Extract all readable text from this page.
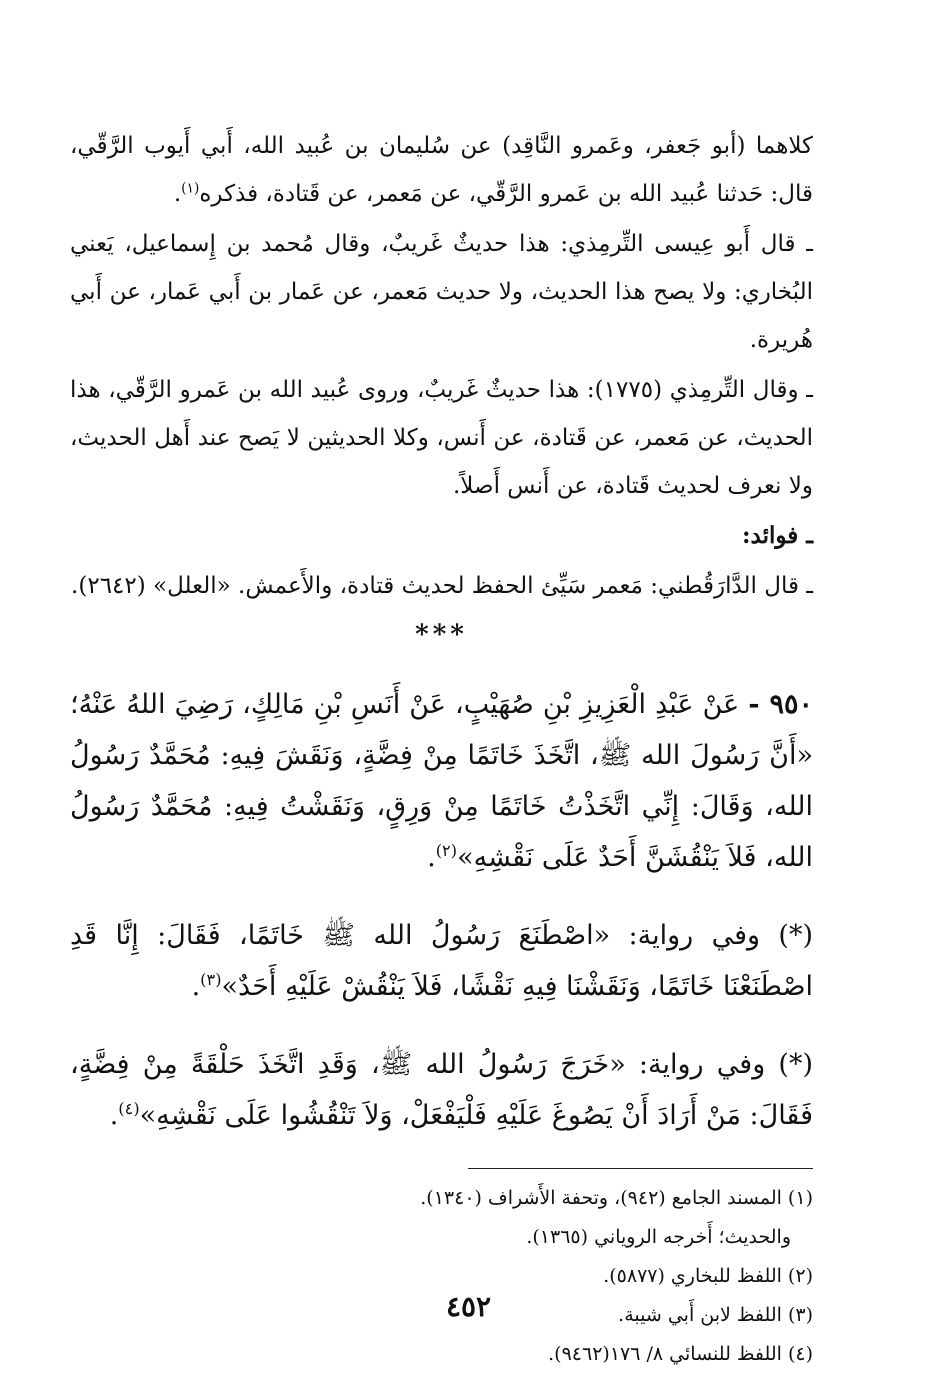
كلاهما (أبو جَعفر، وعَمرو النَّاقِد) عن سُليمان بن عُبيد الله، أَبي أَيوب الرَّقّي، قال: حَدثنا عُبيد الله بن عَمرو الرَّقّي، عن مَعمر، عن قَتادة، فذكره$^{(١)}$.

ـ قال أَبو عِيسى التِّرمِذي: هذا حديثٌ غَريبٌ، وقال مُحمد بن إِسماعيل، يَعني البُخاري: ولا يصح هذا الحديث، ولا حديث مَعمر، عن عَمار بن أَبي عَمار، عن أَبي هُريرة.

ـ وقال التِّرمِذي (١٧٧٥): هذا حديثٌ غَريبٌ، وروى عُبيد الله بن عَمرو الرَّقّي، هذا الحديث، عن مَعمر، عن قَتادة، عن أَنس، وكلا الحديثين لا يَصح عند أَهل الحديث، ولا نعرف لحديث قَتادة، عن أَنس أَصلاً.

ـ فوائد:

ـ قال الدَّارَقُطني: مَعمر سَيِّئ الحفظ لحديث قتادة، والأَعمش. «العلل» (٢٦٤٢).

***

٩٥٠ - عَنْ عَبْدِ الْعَزِيزِ بْنِ صُهَيْبٍ، عَنْ أَنَسِ بْنِ مَالِكٍ، رَضِيَ اللهُ عَنْهُ؛ «أَنَّ رَسُولَ الله ﷺ، اتَّخَذَ خَاتَمًا مِنْ فِضَّةٍ، وَنَقَشَ فِيهِ: مُحَمَّدٌ رَسُولُ الله، وَقَالَ: إِنِّي اتَّخَذْتُ خَاتَمًا مِنْ وَرِقٍ، وَنَقَشْتُ فِيهِ: مُحَمَّدٌ رَسُولُ الله، فَلاَ يَنْقُشَنَّ أَحَدٌ عَلَى نَقْشِهِ»$^{(٢)}$.

(*) وفي رواية: «اصْطَنَعَ رَسُولُ الله ﷺ خَاتَمًا، فَقَالَ: إِنَّا قَدِ اصْطَنَعْنَا خَاتَمًا، وَنَقَشْنَا فِيهِ نَقْشًا، فَلاَ يَنْقُشْ عَلَيْهِ أَحَدٌ»$^{(٣)}$.

(*) وفي رواية: «خَرَجَ رَسُولُ الله ﷺ، وَقَدِ اتَّخَذَ حَلْقَةً مِنْ فِضَّةٍ، فَقَالَ: مَنْ أَرَادَ أَنْ يَصُوغَ عَلَيْهِ فَلْيَفْعَلْ، وَلاَ تَنْقُشُوا عَلَى نَقْشِهِ»$^{(٤)}$.

(١) المسند الجامع (٩٤٢)، وتحفة الأَشراف (١٣٤٠).
والحديث؛ أَخرجه الروياني (١٣٦٥).
(٢) اللفظ للبخاري (٥٨٧٧).
(٣) اللفظ لابن أَبي شيبة.
(٤) اللفظ للنسائي ٨/ ١٧٦(٩٤٦٢).
٤٥٢
